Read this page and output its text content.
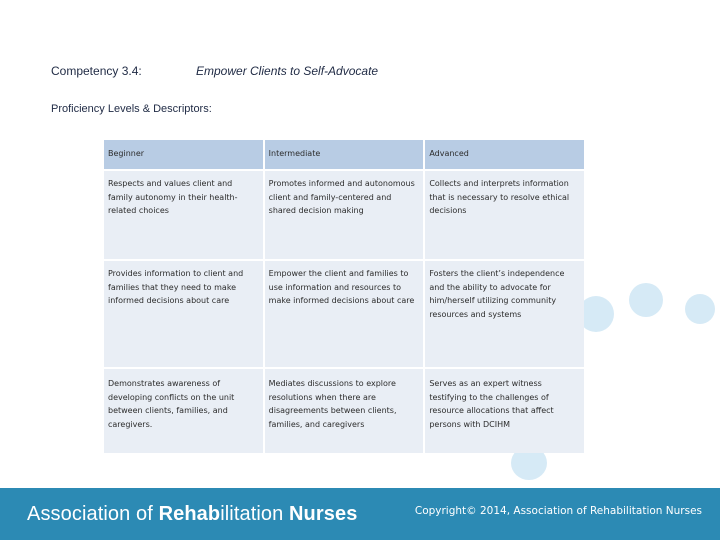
Competency 3.4:	Empower Clients to Self-Advocate
Proficiency Levels & Descriptors:
Beginner	Intermediate	Advanced
Respects and values client and family autonomy in their health-related choices	Promotes informed and autonomous client and family-centered and shared decision making	Collects and interprets information that is necessary to resolve ethical decisions
Provides information to client and families that they need to make informed decisions about care	Empower the client and families to use information and resources to make informed decisions about care	Fosters the client’s independence and the ability to advocate for him/herself utilizing community resources and systems
Demonstrates awareness of developing conflicts on the unit between clients, families, and caregivers.	Mediates discussions to explore resolutions when there are disagreements between clients, families, and caregivers	Serves as an expert witness testifying to the challenges of resource allocations that affect persons with DCIHM
Association of Rehabilitation Nurses	Copyright© 2014, Association of Rehabilitation Nurses
